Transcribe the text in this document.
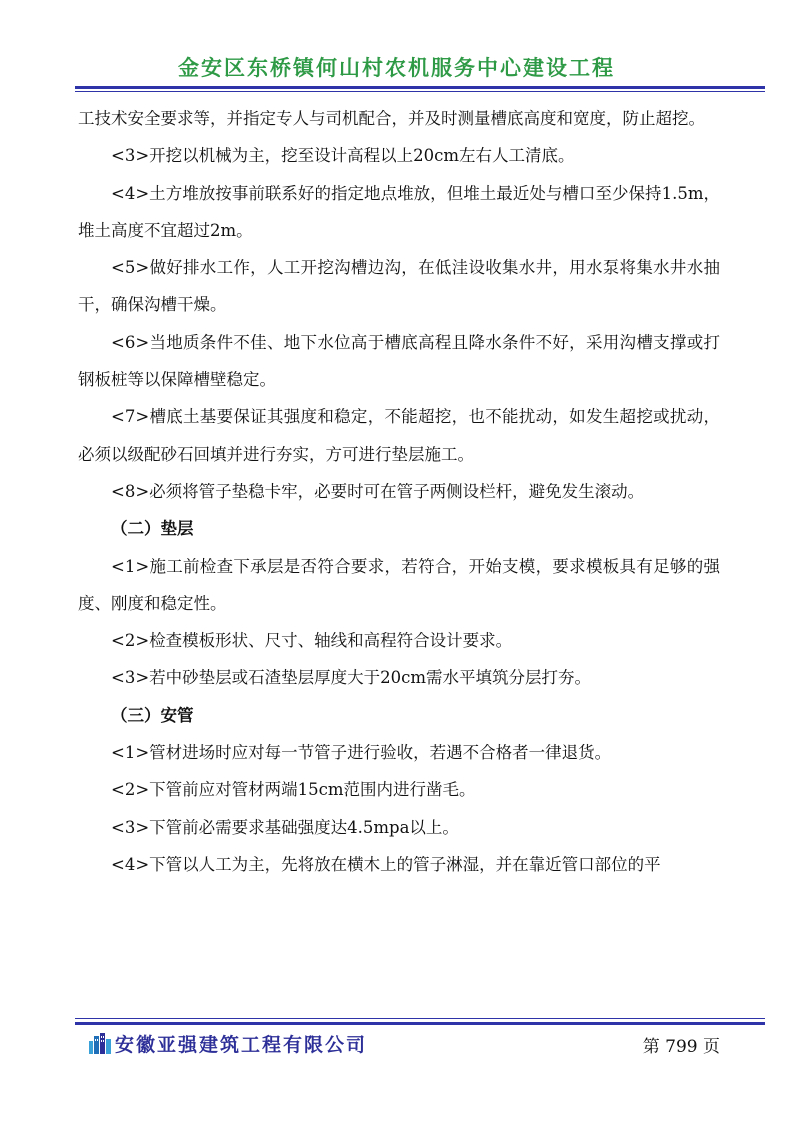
金安区东桥镇何山村农机服务中心建设工程

工技术安全要求等，并指定专人与司机配合，并及时测量槽底高度和宽度，防止超挖。

<3>开挖以机械为主，挖至设计高程以上20cm左右人工清底。

<4>土方堆放按事前联系好的指定地点堆放，但堆土最近处与槽口至少保持1.5m，堆土高度不宜超过2m。

<5>做好排水工作，人工开挖沟槽边沟，在低洼设收集水井，用水泵将集水井水抽干，确保沟槽干燥。

<6>当地质条件不佳、地下水位高于槽底高程且降水条件不好，采用沟槽支撑或打钢板桩等以保障槽壁稳定。

<7>槽底土基要保证其强度和稳定，不能超挖，也不能扰动，如发生超挖或扰动，必须以级配砂石回填并进行夯实，方可进行垫层施工。

<8>必须将管子垫稳卡牢，必要时可在管子两侧设栏杆，避免发生滚动。

（二）垫层

<1>施工前检查下承层是否符合要求，若符合，开始支模，要求模板具有足够的强度、刚度和稳定性。

<2>检查模板形状、尺寸、轴线和高程符合设计要求。

<3>若中砂垫层或石渣垫层厚度大于20cm需水平填筑分层打夯。

（三）安管

<1>管材进场时应对每一节管子进行验收，若遇不合格者一律退货。

<2>下管前应对管材两端15cm范围内进行凿毛。

<3>下管前必需要求基础强度达4.5mpa以上。

<4>下管以人工为主，先将放在横木上的管子淋湿，并在靠近管口部位的平

安徽亚强建筑工程有限公司	第 799 页
